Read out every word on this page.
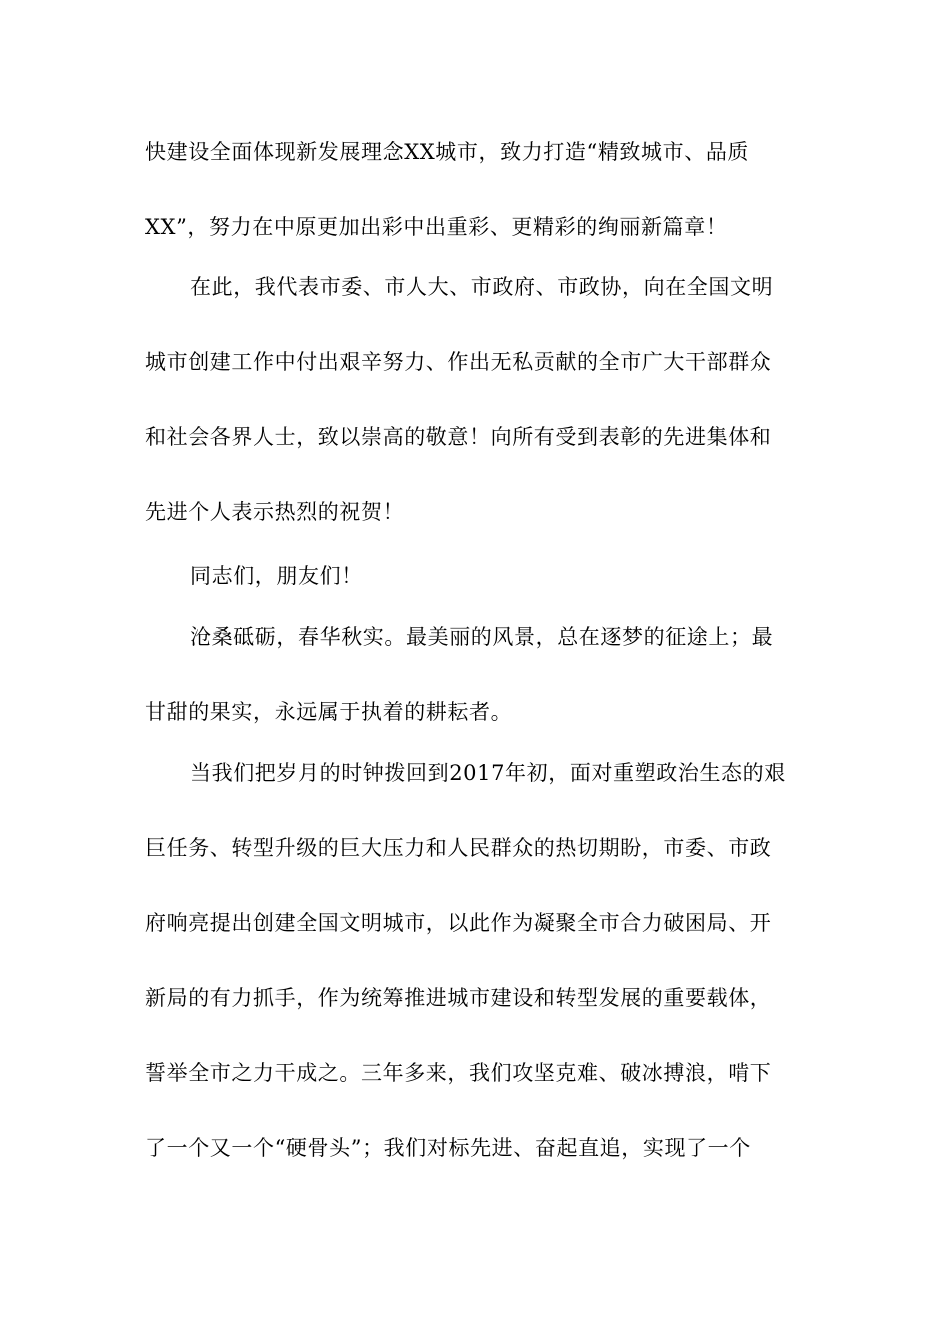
快建设全面体现新发展理念XX城市，致力打造“精致城市、品质
XX”，努力在中原更加出彩中出重彩、更精彩的绚丽新篇章！
在此，我代表市委、市人大、市政府、市政协，向在全国文明
城市创建工作中付出艰辛努力、作出无私贡献的全市广大干部群众
和社会各界人士，致以崇高的敬意！向所有受到表彰的先进集体和
先进个人表示热烈的祝贺！
同志们，朋友们！
沧桑砥砺，春华秋实。最美丽的风景，总在逐梦的征途上；最
甘甜的果实，永远属于执着的耕耘者。
当我们把岁月的时钟拨回到2017年初，面对重塑政治生态的艰
巨任务、转型升级的巨大压力和人民群众的热切期盼，市委、市政
府响亮提出创建全国文明城市，以此作为凝聚全市合力破困局、开
新局的有力抓手，作为统筹推进城市建设和转型发展的重要载体，
誓举全市之力干成之。三年多来，我们攻坚克难、破冰搏浪，啃下
了一个又一个“硬骨头”；我们对标先进、奋起直追，实现了一个
